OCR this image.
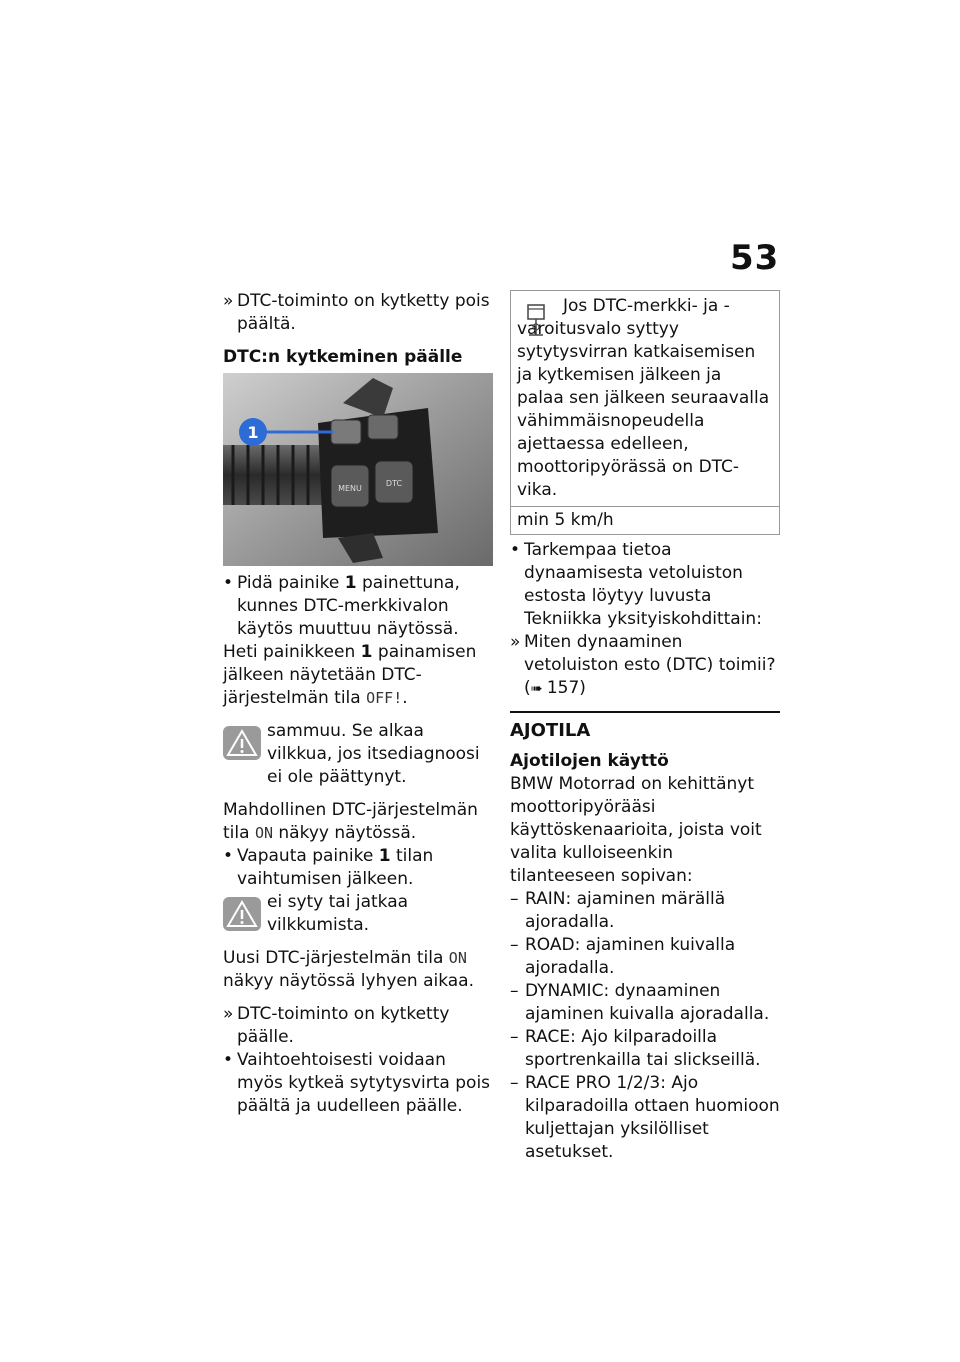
53

» DTC-toiminto on kytketty pois päältä.

DTC:n kytkeminen päälle

MENU
DTC
1

• Pidä painike 1 painettuna, kunnes DTC-merkkivalon käytös muuttuu näytössä.

Heti painikkeen 1 painamisen jälkeen näytetään DTC-järjestelmän tila OFF!.

sammuu. Se alkaa vilkkua, jos itsediagnoosi ei ole päättynyt.

Mahdollinen DTC-järjestelmän tila ON näkyy näytössä.

• Vapauta painike 1 tilan vaihtumisen jälkeen.

ei syty tai jatkaa vilkkumista.

Uusi DTC-järjestelmän tila ON näkyy näytössä lyhyen aikaa.

» DTC-toiminto on kytketty päälle.

• Vaihtoehtoisesti voidaan myös kytkeä sytytysvirta pois päältä ja uudelleen päälle.

Jos DTC-merkki- ja -varoitusvalo syttyy sytytysvirran katkaisemisen ja kytkemisen jälkeen ja palaa sen jälkeen seuraavalla vähimmäisnopeudella ajettaessa edelleen, moottoripyörässä on DTC-vika.

min 5 km/h

• Tarkempaa tietoa dynaamisesta vetoluiston estosta löytyy luvusta Tekniikka yksityiskohdittain:

» Miten dynaaminen vetoluiston esto (DTC) toimii? (➠ 157)

AJOTILA

Ajotilojen käyttö

BMW Motorrad on kehittänyt moottoripyörääsi käyttöskenaarioita, joista voit valita kulloiseenkin tilanteeseen sopivan:

– RAIN: ajaminen märällä ajoradalla.

– ROAD: ajaminen kuivalla ajoradalla.

– DYNAMIC: dynaaminen ajaminen kuivalla ajoradalla.

– RACE: Ajo kilparadoilla sportrenkailla tai slickseillä.

– RACE PRO 1/2/3: Ajo kilparadoilla ottaen huomioon kuljettajan yksilölliset asetukset.
